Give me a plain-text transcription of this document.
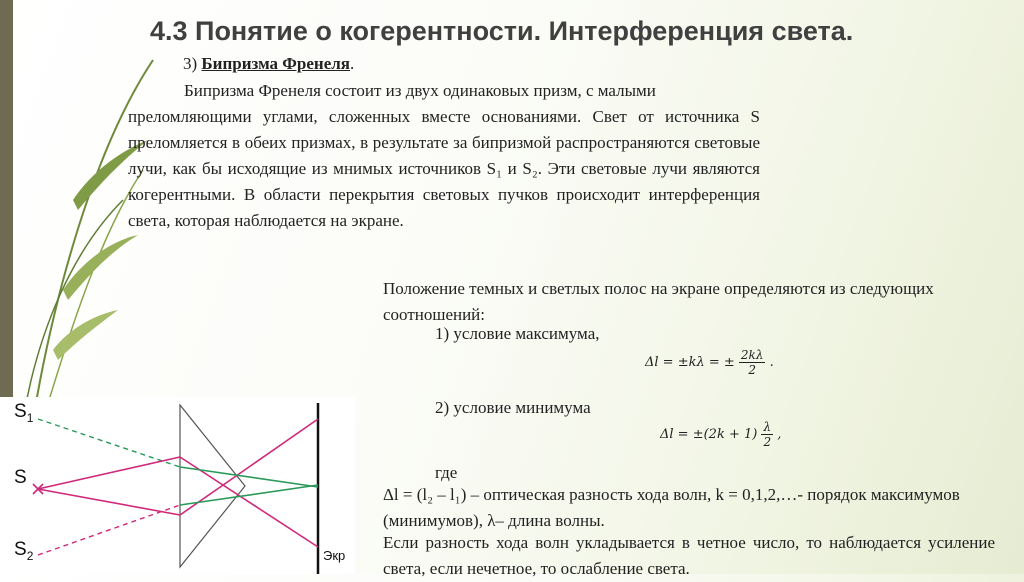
4.3 Понятие о когерентности. Интерференция света.
3) Бипризма Френеля.
Бипризма Френеля состоит из двух одинаковых призм, с малыми
преломляющими углами, сложенных вместе основаниями. Свет от источника S преломляется в обеих призмах, в результате за бипризмой распространяются световые лучи, как бы исходящие из мнимых источников S₁ и S₂. Эти световые лучи являются когерентными. В области перекрытия световых пучков происходит интерференция света, которая наблюдается на экране.
Положение темных и светлых полос на экране определяются из следующих соотношений:
1) условие максимума,
Δl = ±kλ = ± $\frac{2k\lambda}{2}$ .
2) условие минимума
$\Delta l = \pm(2k + 1) \frac{\lambda}{2}$ ,
где
Δl = (l₂ – l₁) – оптическая разность хода волн, k = 0,1,2,…- порядок максимумов (минимумов), λ– длина волны.
Если разность хода волн укладывается в четное число, то наблюдается усиление света, если нечетное, то ослабление света.
$S_1$
S
$S_2$	Экр
